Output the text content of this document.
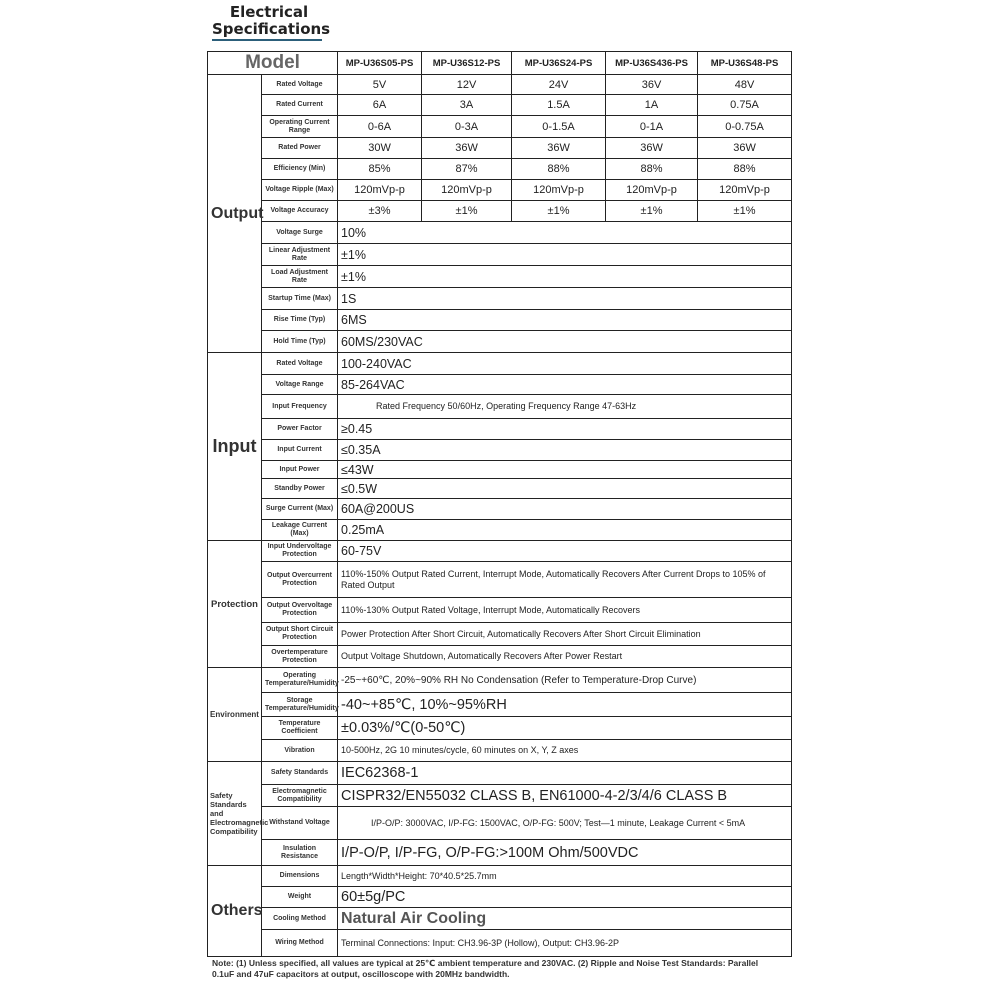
Electrical
Specifications
Model		MP-U36S05-PS	MP-U36S12-PS	MP-U36S24-PS	MP-U36S436-PS	MP-U36S48-PS
Output	Rated Voltage	5V	12V	24V	36V	48V
	Rated Current	6A	3A	1.5A	1A	0.75A
	Operating Current Range	0-6A	0-3A	0-1.5A	0-1A	0-0.75A
	Rated Power	30W	36W	36W	36W	36W
	Efficiency (Min)	85%	87%	88%	88%	88%
	Voltage Ripple (Max)	120mVp-p	120mVp-p	120mVp-p	120mVp-p	120mVp-p
	Voltage Accuracy	±3%	±1%	±1%	±1%	±1%
	Voltage Surge	10%				
	Linear Adjustment Rate	±1%				
	Load Adjustment Rate	±1%				
	Startup Time (Max)	1S				
	Rise Time (Typ)	6MS				
	Hold Time (Typ)	60MS/230VAC				
Input	Rated Voltage	100-240VAC				
	Voltage Range	85-264VAC				
	Input Frequency	Rated Frequency 50/60Hz, Operating Frequency Range 47-63Hz				
	Power Factor	≥0.45				
	Input Current	≤0.35A				
	Input Power	≤43W				
	Standby Power	≤0.5W				
	Surge Current (Max)	60A@200US				
	Leakage Current (Max)	0.25mA				
Protection	Input Undervoltage Protection	60-75V				
	Output Overcurrent Protection	110%-150% Output Rated Current, Interrupt Mode, Automatically Recovers After Current Drops to 105% of Rated Output				
	Output Overvoltage Protection	110%-130% Output Rated Voltage, Interrupt Mode, Automatically Recovers				
	Output Short Circuit Protection	Power Protection After Short Circuit, Automatically Recovers After Short Circuit Elimination				
	Overtemperature Protection	Output Voltage Shutdown, Automatically Recovers After Power Restart				
Environment	Operating Temperature/Humidity	-25~+60℃, 20%~90% RH No Condensation (Refer to Temperature-Drop Curve)				
	Storage Temperature/Humidity	-40~+85℃, 10%~95%RH				
	Temperature Coefficient	±0.03%/℃(0-50℃)				
	Vibration	10-500Hz, 2G 10 minutes/cycle, 60 minutes on X, Y, Z axes				
Safety Standards and Electromagnetic Compatibility	Safety Standards	IEC62368-1				
	Electromagnetic Compatibility	CISPR32/EN55032 CLASS B, EN61000-4-2/3/4/6 CLASS B				
	Withstand Voltage	I/P-O/P: 3000VAC, I/P-FG: 1500VAC, O/P-FG: 500V; Test—1 minute, Leakage Current < 5mA				
	Insulation Resistance	I/P-O/P, I/P-FG, O/P-FG:>100M Ohm/500VDC				
Others	Dimensions	Length*Width*Height: 70*40.5*25.7mm				
	Weight	60±5g/PC				
	Cooling Method	Natural Air Cooling				
	Wiring Method	Terminal Connections: Input: CH3.96-3P (Hollow), Output: CH3.96-2P				
Note: (1) Unless specified, all values are typical at 25℃ ambient temperature and 230VAC. (2) Ripple and Noise Test Standards: Parallel 0.1uF and 47uF capacitors at output, oscilloscope with 20MHz bandwidth.
